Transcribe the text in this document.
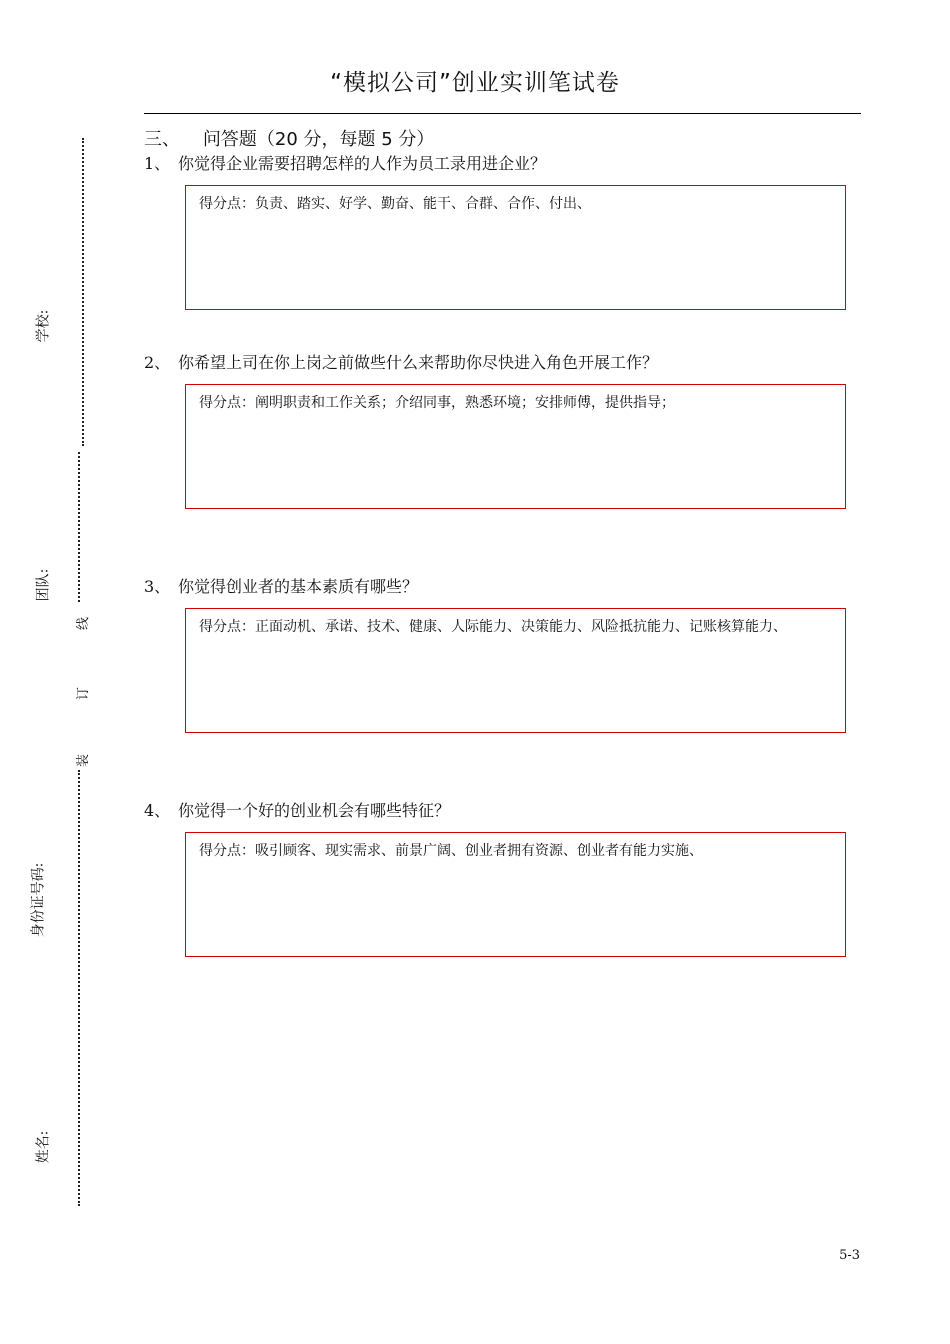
“模拟公司”创业实训笔试卷
三、    问答题（20 分，每题 5 分）
1、 你觉得企业需要招聘怎样的人作为员工录用进企业？
得分点：负责、踏实、好学、勤奋、能干、合群、合作、付出、
2、 你希望上司在你上岗之前做些什么来帮助你尽快进入角色开展工作？
得分点：阐明职责和工作关系；介绍同事，熟悉环境；安排师傅，提供指导；
3、 你觉得创业者的基本素质有哪些？
得分点：正面动机、承诺、技术、健康、人际能力、决策能力、风险抵抗能力、记账核算能力、
4、 你觉得一个好的创业机会有哪些特征？
得分点：吸引顾客、现实需求、前景广阔、创业者拥有资源、创业者有能力实施、
学校:
团队:
身份证号码:
姓名:
线
订
装
5-3
